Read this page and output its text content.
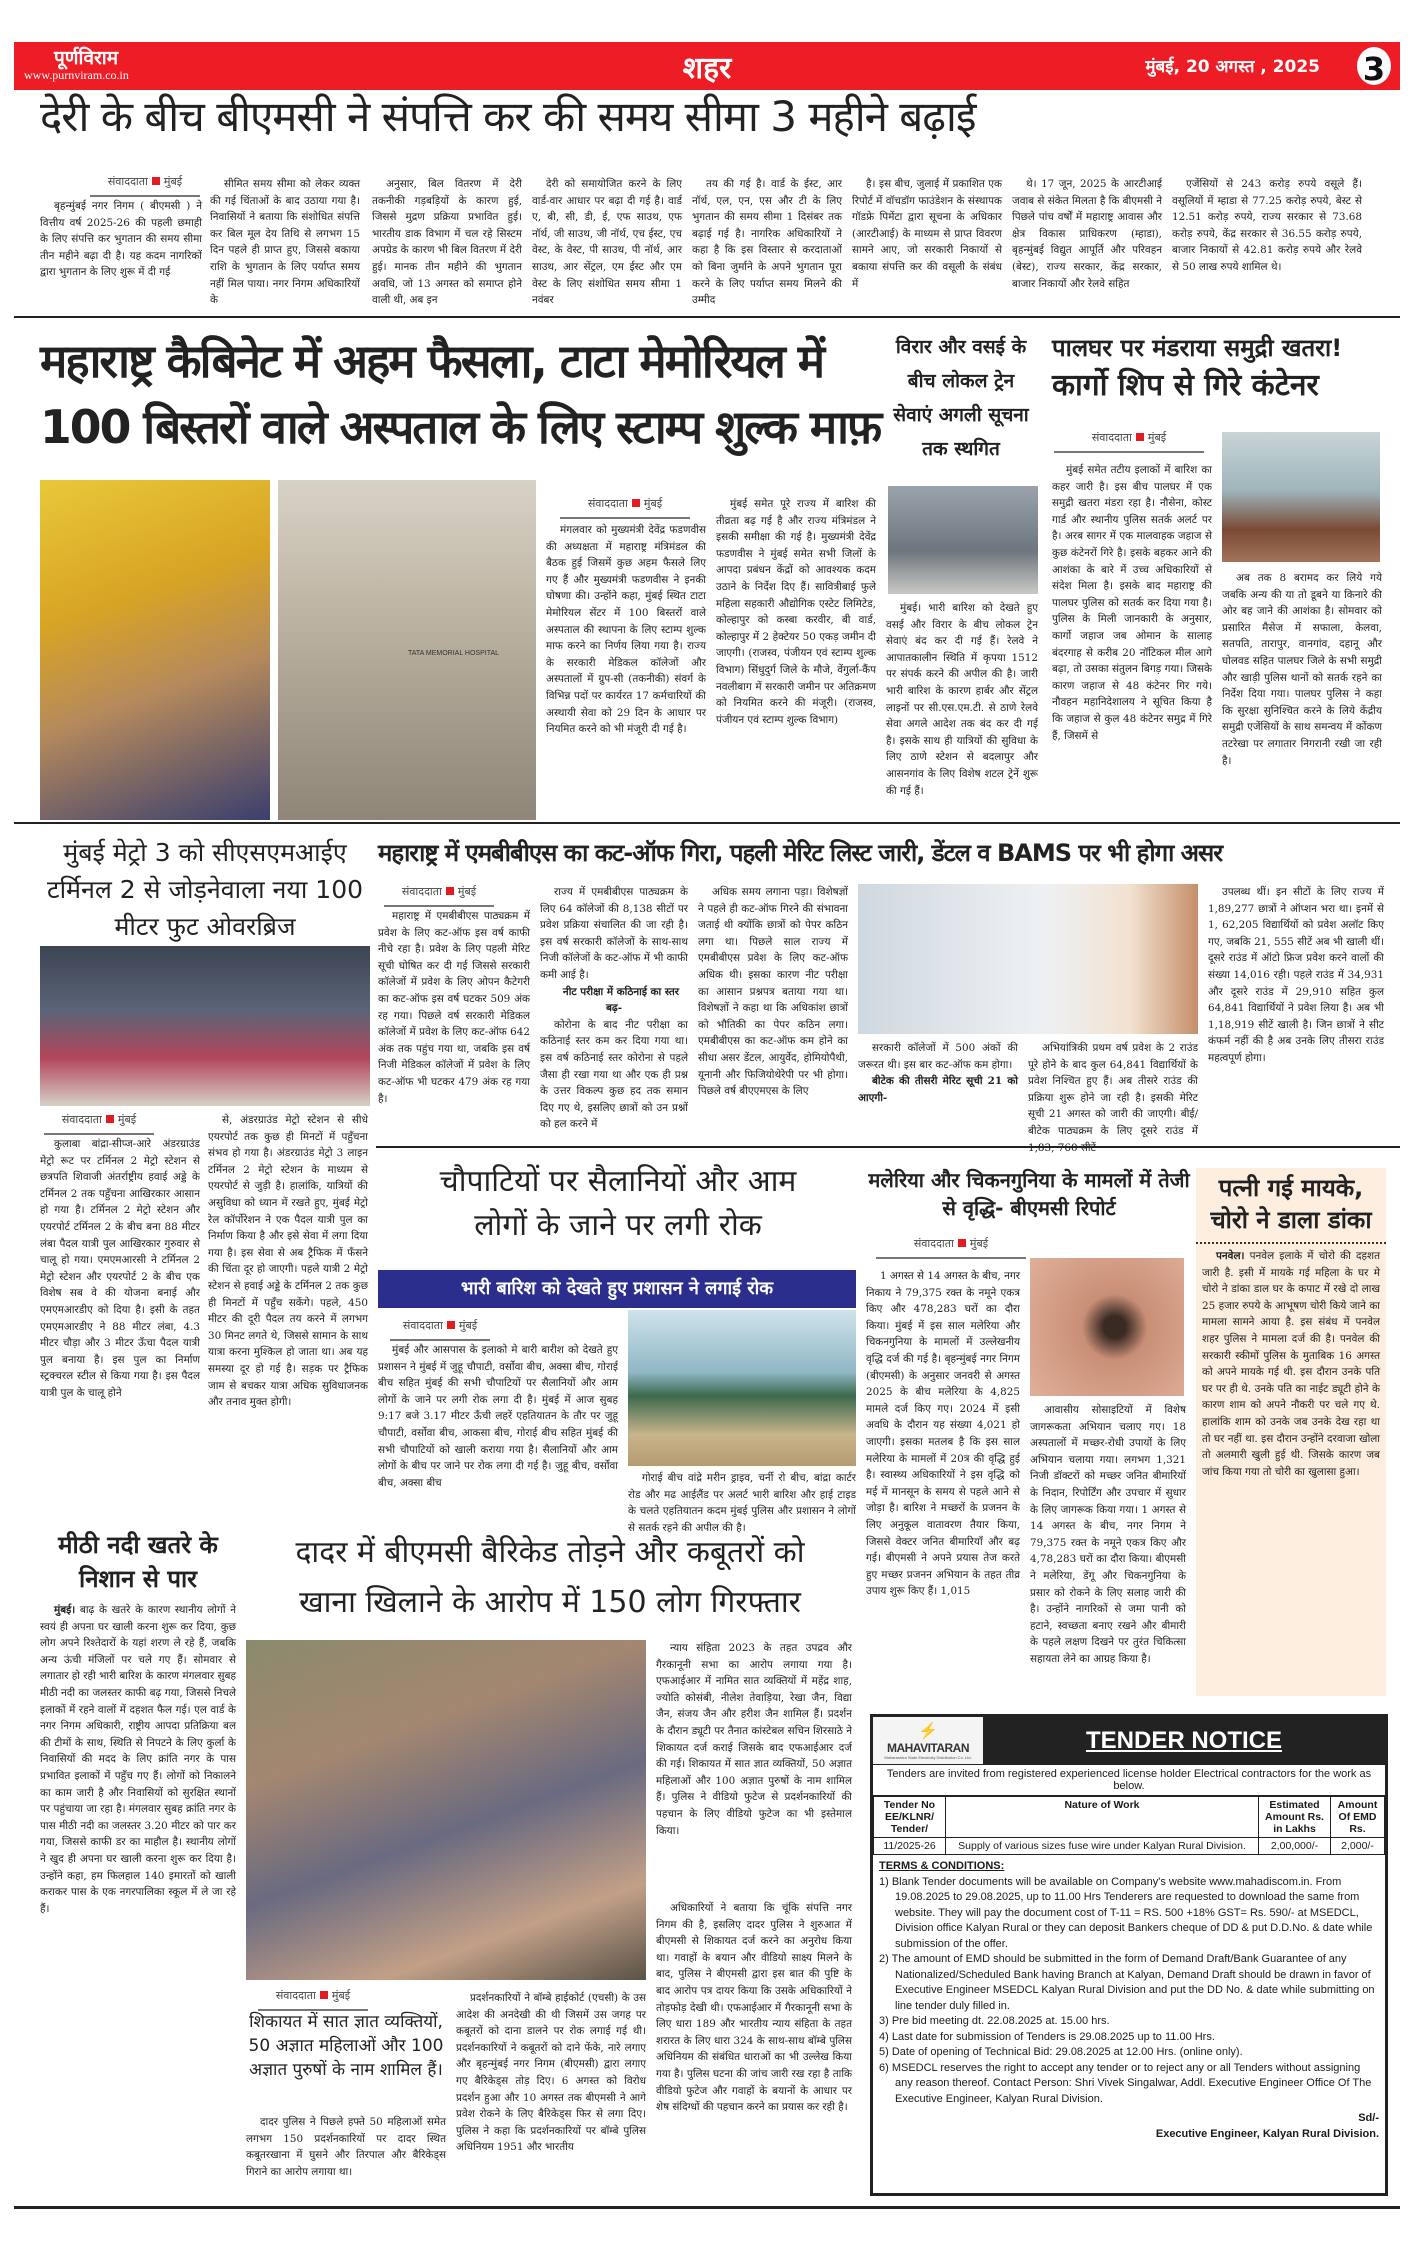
पूर्णविराम
www.purnviram.co.in	शहर	मुंबई, 20 अगस्त , 2025 3
देरी के बीच बीएमसी ने संपत्ति कर की समय सीमा 3 महीने बढ़ाई
संवाददाता मुंबई

बृहन्मुंबई नगर निगम ( बीएमसी ) ने वित्तीय वर्ष 2025-26 की पहली छमाही के लिए संपत्ति कर भुगतान की समय सीमा तीन महीने बढ़ा दी है। यह कदम नागरिकों द्वारा भुगतान के लिए शुरू में दी गई

सीमित समय सीमा को लेकर व्यक्त की गई चिंताओं के बाद उठाया गया है। निवासियों ने बताया कि संशोधित संपत्ति कर बिल मूल देय तिथि से लगभग 15 दिन पहले ही प्राप्त हुए, जिससे बकाया राशि के भुगतान के लिए पर्याप्त समय नहीं मिल पाया। नगर निगम अधिकारियों के

अनुसार, बिल वितरण में देरी तकनीकी गड़बड़ियों के कारण हुई, जिससे मुद्रण प्रक्रिया प्रभावित हुई। भारतीय डाक विभाग में चल रहे सिस्टम अपग्रेड के कारण भी बिल वितरण में देरी हुई। मानक तीन महीने की भुगतान अवधि, जो 13 अगस्त को समाप्त होने वाली थी, अब इन

देरी को समायोजित करने के लिए वार्ड-वार आधार पर बढ़ा दी गई है। वार्ड ए, बी, सी, डी, ई, एफ साउथ, एफ नॉर्थ, जी साउथ, जी नॉर्थ, एच ईस्ट, एच वेस्ट, के वेस्ट, पी साउथ, पी नॉर्थ, आर साउथ, आर सेंट्रल, एम ईस्ट और एम वेस्ट के लिए संशोधित समय सीमा 1 नवंबर

तय की गई है। वार्ड के ईस्ट, आर नॉर्थ, एल, एन, एस और टी के लिए भुगतान की समय सीमा 1 दिसंबर तक बढ़ाई गई है। नागरिक अधिकारियों ने कहा है कि इस विस्तार से करदाताओं को बिना जुर्माने के अपने भुगतान पूरा करने के लिए पर्याप्त समय मिलने की उम्मीद

है। इस बीच, जुलाई में प्रकाशित एक रिपोर्ट में वॉचडॉग फाउंडेशन के संस्थापक गॉडफ्रे पिमेंटा द्वारा सूचना के अधिकार (आरटीआई) के माध्यम से प्राप्त विवरण सामने आए, जो सरकारी निकायों से बकाया संपत्ति कर की वसूली के संबंध में

थे। 17 जून, 2025 के आरटीआई जवाब से संकेत मिलता है कि बीएमसी ने पिछले पांच वर्षों में महाराष्ट्र आवास और क्षेत्र विकास प्राधिकरण (म्हाडा), बृहन्मुंबई विद्युत आपूर्ति और परिवहन (बेस्ट), राज्य सरकार, केंद्र सरकार, बाजार निकायों और रेलवे सहित

एजेंसियों से 243 करोड़ रुपये वसूले हैं। वसूलियों में म्हाडा से 77.25 करोड़ रुपये, बेस्ट से 12.51 करोड़ रुपये, राज्य सरकार से 73.68 करोड़ रुपये, केंद्र सरकार से 36.55 करोड़ रुपये, बाजार निकायों से 42.81 करोड़ रुपये और रेलवे से 50 लाख रुपये शामिल थे।

महाराष्ट्र कैबिनेट में अहम फैसला, टाटा मेमोरियल में
100 बिस्तरों वाले अस्पताल के लिए स्टाम्प शुल्क माफ़
TATA MEMORIAL HOSPITAL
संवाददाता मुंबई

मंगलवार को मुख्यमंत्री देवेंद्र फडणवीस की अध्यक्षता में महाराष्ट्र मंत्रिमंडल की बैठक हुई जिसमें कुछ अहम फैसले लिए गए हैं और मुख्यमंत्री फडणवीस ने इनकी घोषणा की। उन्होंने कहा, मुंबई स्थित टाटा मेमोरियल सेंटर में 100 बिस्तरों वाले अस्पताल की स्थापना के लिए स्टाम्प शुल्क माफ करने का निर्णय लिया गया है। राज्य के सरकारी मेडिकल कॉलेजों और अस्पतालों में ग्रुप-सी (तकनीकी) संवर्ग के विभिन्न पदों पर कार्यरत 17 कर्मचारियों की अस्थायी सेवा को 29 दिन के आधार पर नियमित करने को भी मंजूरी दी गई है।

मुंबई समेत पूरे राज्य में बारिश की तीव्रता बढ़ गई है और राज्य मंत्रिमंडल ने इसकी समीक्षा की गई है। मुख्यमंत्री देवेंद्र फडणवीस ने मुंबई समेत सभी जिलों के आपदा प्रबंधन केंद्रों को आवश्यक कदम उठाने के निर्देश दिए हैं। सावित्रीबाई फुले महिला सहकारी औद्योगिक एस्टेट लिमिटेड, कोल्हापुर को कस्बा करवीर, बी वार्ड, कोल्हापुर में 2 हेक्टेयर 50 एकड़ जमीन दी जाएगी। (राजस्व, पंजीयन एवं स्टाम्प शुल्क विभाग) सिंधुदुर्ग जिले के मौजे, वेंगुर्ला-कैंप नवलीबाग में सरकारी जमीन पर अतिक्रमण को नियमित करने की मंजूरी। (राजस्व, पंजीयन एवं स्टाम्प शुल्क विभाग)

विरार और वसई के बीच लोकल ट्रेन सेवाएं अगली सूचना तक स्थगित

मुंबई। भारी बारिश को देखते हुए वसई और विरार के बीच लोकल ट्रेन सेवाएं बंद कर दी गई हैं। रेलवे ने आपातकालीन स्थिति में कृपया 1512 पर संपर्क करने की अपील की है। जारी भारी बारिश के कारण हार्बर और सेंट्रल लाइनों पर सी.एस.एम.टी. से ठाणे रेलवे सेवा अगले आदेश तक बंद कर दी गई है। इसके साथ ही यात्रियों की सुविधा के लिए ठाणे स्टेशन से बदलापुर और आसनगांव के लिए विशेष शटल ट्रेनें शुरू की गई हैं।

पालघर पर मंडराया समुद्री खतरा!
कार्गो शिप से गिरे कंटेनर
संवाददाता मुंबई

मुंबई समेत तटीय इलाकों में बारिश का कहर जारी है। इस बीच पालघर में एक समुद्री खतरा मंडरा रहा है। नौसेना, कोस्ट गार्ड और स्थानीय पुलिस सतर्क अलर्ट पर है। अरब सागर में एक मालवाहक जहाज से कुछ कंटेनरों गिरे है। इसके बहकर आने की आशंका के बारे में उच्च अधिकारियों से संदेश मिला है। इसके बाद महाराष्ट्र की पालघर पुलिस को सतर्क कर दिया गया है। पुलिस के मिली जानकारी के अनुसार, कार्गो जहाज जब ओमान के सालाह बंदरगाह से करीब 20 नॉटिकल मील आगे बढ़ा, तो उसका संतुलन बिगड़ गया। जिसके कारण जहाज से 48 कंटेनर गिर गये। नौवहन महानिदेशालय ने सूचित किया है कि जहाज से कुल 48 कंटेनर समुद्र में गिरे हैं, जिसमें से

अब तक 8 बरामद कर लिये गये जबकि अन्य की या तो डूबने या किनारे की ओर बह जाने की आशंका है। सोमवार को प्रसारित मैसेज में सफाला, केलवा, सतपति, तारापुर, वानगांव, दहानू और घोलवड सहित पालघर जिले के सभी समुद्री और खाड़ी पुलिस थानों को सतर्क रहने का निर्देश दिया गया। पालघर पुलिस ने कहा कि सुरक्षा सुनिश्चित करने के लिये केंद्रीय समुद्री एजेंसियों के साथ समन्वय में कोंकण तटरेखा पर लगातार निगरानी रखी जा रही है।

मुंबई मेट्रो 3 को सीएसएमआईए टर्मिनल 2 से जोड़नेवाला नया 100 मीटर फुट ओवरब्रिज
संवाददाता मुंबई

कुलाबा बांद्रा-सीप्ज-आरे अंडरग्राउंड मेट्रो रूट पर टर्मिनल 2 मेट्रो स्टेशन से छत्रपति शिवाजी अंतर्राष्ट्रीय हवाई अड्डे के टर्मिनल 2 तक पहुँचना आखिरकार आसान हो गया है। टर्मिनल 2 मेट्रो स्टेशन और एयरपोर्ट टर्मिनल 2 के बीच बना 88 मीटर लंबा पैदल यात्री पुल आखिरकार गुरुवार से चालू हो गया। एमएमआरसी ने टर्मिनल 2 मेट्रो स्टेशन और एयरपोर्ट 2 के बीच एक विशेष सब वे की योजना बनाई और एमएमआरडीए को दिया है। इसी के तहत एमएमआरडीए ने 88 मीटर लंबा, 4.3 मीटर चौड़ा और 3 मीटर ऊँचा पैदल यात्री पुल बनाया है। इस पुल का निर्माण स्ट्रक्चरल स्टील से किया गया है। इस पैदल यात्री पुल के चालू होने

से, अंडरग्राउंड मेट्रो स्टेशन से सीधे एयरपोर्ट तक कुछ ही मिनटों में पहुँचना संभव हो गया है। अंडरग्राउंड मेट्रो 3 लाइन टर्मिनल 2 मेट्रो स्टेशन के माध्यम से एयरपोर्ट से जुड़ी है। हालांकि, यात्रियों की असुविधा को ध्यान में रखते हुए, मुंबई मेट्रो रेल कॉर्पोरेशन ने एक पैदल यात्री पुल का निर्माण किया है और इसे सेवा में लगा दिया गया है। इस सेवा से अब ट्रैफिक में फँसने की चिंता दूर हो जाएगी। पहले यात्री 2 मेट्रो स्टेशन से हवाई अड्डे के टर्मिनल 2 तक कुछ ही मिनटों में पहुँच सकेंगे। पहले, 450 मीटर की दूरी पैदल तय करने में लगभग 30 मिनट लगते थे, जिससे सामान के साथ यात्रा करना मुश्किल हो जाता था। अब यह समस्या दूर हो गई है। सड़क पर ट्रैफिक जाम से बचकर यात्रा अधिक सुविधाजनक और तनाव मुक्त होगी।

महाराष्ट्र में एमबीबीएस का कट-ऑफ गिरा, पहली मेरिट लिस्ट जारी, डेंटल व BAMS पर भी होगा असर
संवाददाता मुंबई

महाराष्ट्र में एमबीबीएस पाठ्यक्रम में प्रवेश के लिए कट-ऑफ इस वर्ष काफी नीचे रहा है। प्रवेश के लिए पहली मेरिट सूची घोषित कर दी गई जिससे सरकारी कॉलेजों में प्रवेश के लिए ओपन कैटेगरी का कट-ऑफ इस वर्ष घटकर 509 अंक रह गया। पिछले वर्ष सरकारी मेडिकल कॉलेजों में प्रवेश के लिए कट-ऑफ 642 अंक तक पहुंच गया था, जबकि इस वर्ष निजी मेडिकल कॉलेजों में प्रवेश के लिए कट-ऑफ भी घटकर 479 अंक रह गया है।

राज्य में एमबीबीएस पाठ्यक्रम के लिए 64 कॉलेजों की 8,138 सीटों पर प्रवेश प्रक्रिया संचालित की जा रही है। इस वर्ष सरकारी कॉलेजों के साथ-साथ निजी कॉलेजों के कट-ऑफ में भी काफी कमी आई है।

नीट परीक्षा में कठिनाई का स्तर बढ़-

कोरोना के बाद नीट परीक्षा का कठिनाई स्तर कम कर दिया गया था। इस वर्ष कठिनाई स्तर कोरोना से पहले जैसा ही रखा गया था और एक ही प्रश्न के उत्तर विकल्प कुछ हद तक समान दिए गए थे, इसलिए छात्रों को उन प्रश्नों को हल करने में

अधिक समय लगाना पड़ा। विशेषज्ञों ने पहले ही कट-ऑफ गिरने की संभावना जताई थी क्योंकि छात्रों को पेपर कठिन लगा था। पिछले साल राज्य में एमबीबीएस प्रवेश के लिए कट-ऑफ अधिक थी। इसका कारण नीट परीक्षा का आसान प्रश्नपत्र बताया गया था। विशेषज्ञों ने कहा था कि अधिकांश छात्रों को भौतिकी का पेपर कठिन लगा। एमबीबीएस का कट-ऑफ कम होने का सीधा असर डेंटल, आयुर्वेद, होमियोपैथी, यूनानी और फिजियोथेरेपी पर भी होगा। पिछले वर्ष बीएएमएस के लिए

सरकारी कॉलेजों में 500 अंकों की जरूरत थी। इस बार कट-ऑफ कम होगा।

बीटेक की तीसरी मेरिट सूची 21 को आएगी-

अभियांत्रिकी प्रथम वर्ष प्रवेश के 2 राउंड पूरे होने के बाद कुल 64,841 विद्यार्थियों के प्रवेश निश्चित हुए हैं। अब तीसरे राउंड की प्रक्रिया शुरू होने जा रही है। इसकी मेरिट सूची 21 अगस्त को जारी की जाएगी। बीई/बीटेक पाठ्यक्रम के लिए दूसरे राउंड में

उपलब्ध थीं। इन सीटों के लिए राज्य में 1,89,277 छात्रों ने ऑप्शन भरा था। इनमें से 1, 62,205 विद्यार्थियों को प्रवेश अलॉट किए गए, जबकि 21, 555 सीटें अब भी खाली थीं। दूसरे राउंड में ऑटो फ्रिज प्रवेश करने वालों की संख्या 14,016 रही। पहले राउंड में 34,931 और दूसरे राउंड में 29,910 सहित कुल 64,841 विद्यार्थियों ने प्रवेश लिया है। अब भी 1,18,919 सीटें खाली है। जिन छात्रों ने सीट कंफर्म नहीं की है अब उनके लिए तीसरा राउंड महत्वपूर्ण होगा।

चौपाटियों पर सैलानियों और आम
लोगों के जाने पर लगी रोक
भारी बारिश को देखते हुए प्रशासन ने लगाई रोक
संवाददाता मुंबई

मुंबई और आसपास के इलाको मे बारी बारीश को देखते हुए प्रशासन ने मुंबई में जुहू चौपाटी, वर्सोवा बीच, अक्सा बीच, गोराई बीच सहित मुंबई की सभी चौपाटियों पर सैलानियों और आम लोगों के जाने पर लगी रोक लगा दी है। मुंबई में आज सुबह 9:17 बजे 3.17 मीटर ऊँची लहरें एहतियातन के तौर पर जुहू चौपाटी, वर्सोवा बीच, आकसा बीच, गोराई बीच सहित मुंबई की सभी चौपाटियों को खाली कराया गया है। सैलानियों और आम लोगों के बीच पर जाने पर रोक लगा दी गई है। जुहू बीच, वर्सोवा बीच, अक्सा बीच	गोराई बीच वांद्रे मरीन ड्राइव, चर्नी रो बीच, बांद्रा कार्टर रोड और मढ आईलैंड पर अलर्ट भारी बारिश और हाई टाइड के चलते एहतियातन कदम मुंबई पुलिस और प्रशासन ने लोगों से सतर्क रहने की अपील की है।

मलेरिया और चिकनगुनिया के मामलों में तेजी से वृद्धि- बीएमसी रिपोर्ट
संवाददाता मुंबई

1 अगस्त से 14 अगस्त के बीच, नगर निकाय ने 79,375 रक्त के नमूने एकत्र किए और 478,283 घरों का दौरा किया। मुंबई में इस साल मलेरिया और चिकनगुनिया के मामलों में उल्लेखनीय वृद्धि दर्ज की गई है। बृहन्मुंबई नगर निगम (बीएमसी) के अनुसार जनवरी से अगस्त 2025 के बीच मलेरिया के 4,825 मामले दर्ज किए गए। 2024 में इसी अवधि के दौरान यह संख्या 4,021 हो जाएगी। इसका मतलब है कि इस साल मलेरिया के मामलों में 20त्र की वृद्धि हुई है। स्वास्थ्य अधिकारियों ने इस वृद्धि को मई में मानसून के समय से पहले आने से जोड़ा है। बारिश ने मच्छरों के प्रजनन के लिए अनुकूल वातावरण तैयार किया, जिससे वेक्टर जनित बीमारियाँ और बढ़ गई। बीएमसी ने अपने प्रयास तेज करते हुए मच्छर प्रजनन अभियान के तहत तीव्र उपाय शुरू किए हैं। 1,015

आवासीय सोसाइटियों में विशेष जागरूकता अभियान चलाए गए। 18 अस्पतालों में मच्छर-रोधी उपायों के लिए अभियान चलाया गया। लगभग 1,321 निजी डॉक्टरों को मच्छर जनित बीमारियों के निदान, रिपोर्टिंग और उपचार में सुधार के लिए जागरूक किया गया। 1 अगस्त से 14 अगस्त के बीच, नगर निगम ने 79,375 रक्त के नमूने एकत्र किए और 4,78,283 घरों का दौरा किया। बीएमसी ने मलेरिया, डेंगू और चिकनगुनिया के प्रसार को रोकने के लिए सलाह जारी की है। उन्होंने नागरिकों से जमा पानी को हटाने, स्वच्छता बनाए रखने और बीमारी के पहले लक्षण दिखने पर तुरंत चिकित्सा सहायता लेने का आग्रह किया है।

पत्नी गई मायके, चोरो ने डाला डांका

पनवेल। पनवेल इलाके में चोरो की दहशत जारी है. इसी में मायके गई महिला के घर मे चोरो ने डांका डाल घर के कपाट में रखे दो लाख 25 हजार रुपये के आभूषण चोरी किये जाने का मामला सामने आया है. इस संबंध में पनवेल शहर पुलिस ने मामला दर्ज की है। पनवेल की सरकारी स्कीमों पुलिस के मुताबिक 16 अगस्त को अपने मायके गई थी. इस दौरान उनके पति घर पर ही थे. उनके पति का नाईट ड्यूटी होने के कारण शाम को अपने नौकरी पर चले गए थे. हालांकि शाम को उनके जब उनके देख रहा था तो घर नहीं था. इस दौरान उन्होंने दरवाजा खोला तो अलमारी खुली हुई थी. जिसके कारण जब जांच किया गया तो चोरी का खुलासा हुआ।

मीठी नदी खतरे के निशान से पार

मुंबई। बाढ़ के खतरे के कारण स्थानीय लोगों ने स्वयं ही अपना घर खाली करना शुरू कर दिया, कुछ लोग अपने रिश्तेदारों के यहां शरण ले रहे हैं, जबकि अन्य ऊंची मंजिलों पर चले गए हैं। सोमवार से लगातार हो रही भारी बारिश के कारण मंगलवार सुबह मीठी नदी का जलस्तर काफी बढ़ गया, जिससे निचले इलाकों में रहने वालों में दहशत फैल गई। एल वार्ड के नगर निगम अधिकारी, राष्ट्रीय आपदा प्रतिक्रिया बल की टीमों के साथ, स्थिति से निपटने के लिए कुर्ला के निवासियों की मदद के लिए क्रांति नगर के पास प्रभावित इलाकों में पहुँच गए हैं। लोगों को निकालने का काम जारी है और निवासियों को सुरक्षित स्थानों पर पहुंचाया जा रहा है। मंगलवार सुबह क्रांति नगर के पास मीठी नदी का जलस्तर 3.20 मीटर को पार कर गया, जिससे काफी डर का माहौल है। स्थानीय लोगों ने खुद ही अपना घर खाली करना शुरू कर दिया है। उन्होंने कहा, हम फिलहाल 140 इमारतों को खाली कराकर पास के एक नगरपालिका स्कूल में ले जा रहे हैं।

दादर में बीएमसी बैरिकेड तोड़ने और कबूतरों को
खाना खिलाने के आरोप में 150 लोग गिरफ्तार
संवाददाता मुंबई
शिकायत में सात ज्ञात व्यक्तियों, 50 अज्ञात महिलाओं और 100 अज्ञात पुरुषों के नाम शामिल हैं।

दादर पुलिस ने पिछले हफ्ते 50 महिलाओं समेत लगभग 150 प्रदर्शनकारियों पर दादर स्थित कबूतरखाना में घुसने और तिरपाल और बैरिकेड्स गिराने का आरोप लगाया था।

प्रदर्शनकारियों ने बॉम्बे हाईकोर्ट (एचसी) के उस आदेश की अनदेखी की थी जिसमें उस जगह पर कबूतरों को दाना डालने पर रोक लगाई गई थी। प्रदर्शनकारियों ने कबूतरों को दाने फेंके, नारे लगाए और बृहन्मुंबई नगर निगम (बीएमसी) द्वारा लगाए गए बैरिकेड्स तोड़ दिए। 6 अगस्त को विरोध प्रदर्शन हुआ और 10 अगस्त तक बीएमसी ने आगे प्रवेश रोकने के लिए बैरिकेड्स फिर से लगा दिए। पुलिस ने कहा कि प्रदर्शनकारियों पर बॉम्बे पुलिस अधिनियम 1951 और भारतीय

न्याय संहिता 2023 के तहत उपद्रव और गैरकानूनी सभा का आरोप लगाया गया है। एफआईआर में नामित सात व्यक्तियों में महेंद्र शाह, ज्योति कोसंबी, नीलेश तेवाड़िया, रेखा जैन, विद्या जैन, संजय जैन और हरीश जैन शामिल हैं। प्रदर्शन के दौरान ड्यूटी पर तैनात कांस्टेबल सचिन शिरसाठे ने शिकायत दर्ज कराई जिसके बाद एफआईआर दर्ज की गई। शिकायत में सात ज्ञात व्यक्तियों, 50 अज्ञात महिलाओं और 100 अज्ञात पुरुषों के नाम शामिल हैं। पुलिस ने वीडियो फुटेज से प्रदर्शनकारियों की पहचान के लिए वीडियो फुटेज का भी इस्तेमाल किया।

अधिकारियों ने बताया कि चूंकि संपत्ति नगर निगम की है, इसलिए दादर पुलिस ने शुरुआत में बीएमसी से शिकायत दर्ज करने का अनुरोध किया था। गवाहों के बयान और वीडियो साक्ष्य मिलने के बाद, पुलिस ने बीएमसी द्वारा इस बात की पुष्टि के बाद आरोप पत्र दायर किया कि उसके अधिकारियों ने तोड़फोड़ देखी थी। एफआईआर में गैरकानूनी सभा के लिए धारा 189 और भारतीय न्याय संहिता के तहत शरारत के लिए धारा 324 के साथ-साथ बॉम्बे पुलिस अधिनियम की संबंधित धाराओं का भी उल्लेख किया गया है। पुलिस घटना की जांच जारी रख रहा है ताकि वीडियो फुटेज और गवाहों के बयानों के आधार पर शेष संदिग्धों की पहचान करने का प्रयास कर रही है।

⚡
MAHAVITARAN
Maharashtra State Electricity Distribution Co. Ltd.
TENDER NOTICE
Tenders are invited from registered experienced license holder Electrical contractors for the work as below.
Tender No EE/KLNR/ Tender/	Nature of Work	Estimated Amount Rs. in Lakhs	Amount Of EMD Rs.
11/2025-26	Supply of various sizes fuse wire under Kalyan Rural Division.	2,00,000/-	2,000/-
TERMS & CONDITIONS:
1) Blank Tender documents will be available on Company's website www.mahadiscom.in. From 19.08.2025 to 29.08.2025, up to 11.00 Hrs Tenderers are requested to download the same from website. They will pay the document cost of T-11 = RS. 500 +18% GST= Rs. 590/- at MSEDCL, Division office Kalyan Rural or they can deposit Bankers cheque of DD & put D.D.No. & date while submission of the offer.
2) The amount of EMD should be submitted in the form of Demand Draft/Bank Guarantee of any Nationalized/Scheduled Bank having Branch at Kalyan, Demand Draft should be drawn in favor of Executive Engineer MSEDCL Kalyan Rural Division and put the DD No. & date while submitting on line tender duly filled in.
3) Pre bid meeting dt. 22.08.2025 at. 15.00 hrs.
4) Last date for submission of Tenders is 29.08.2025 up to 11.00 Hrs.
5) Date of opening of Technical Bid: 29.08.2025 at 12.00 Hrs. (online only).
6) MSEDCL reserves the right to accept any tender or to reject any or all Tenders without assigning any reason thereof. Contact Person: Shri Vivek Singalwar, Addl. Executive Engineer Office Of The Executive Engineer, Kalyan Rural Division.
Sd/-
Executive Engineer, Kalyan Rural Division.
